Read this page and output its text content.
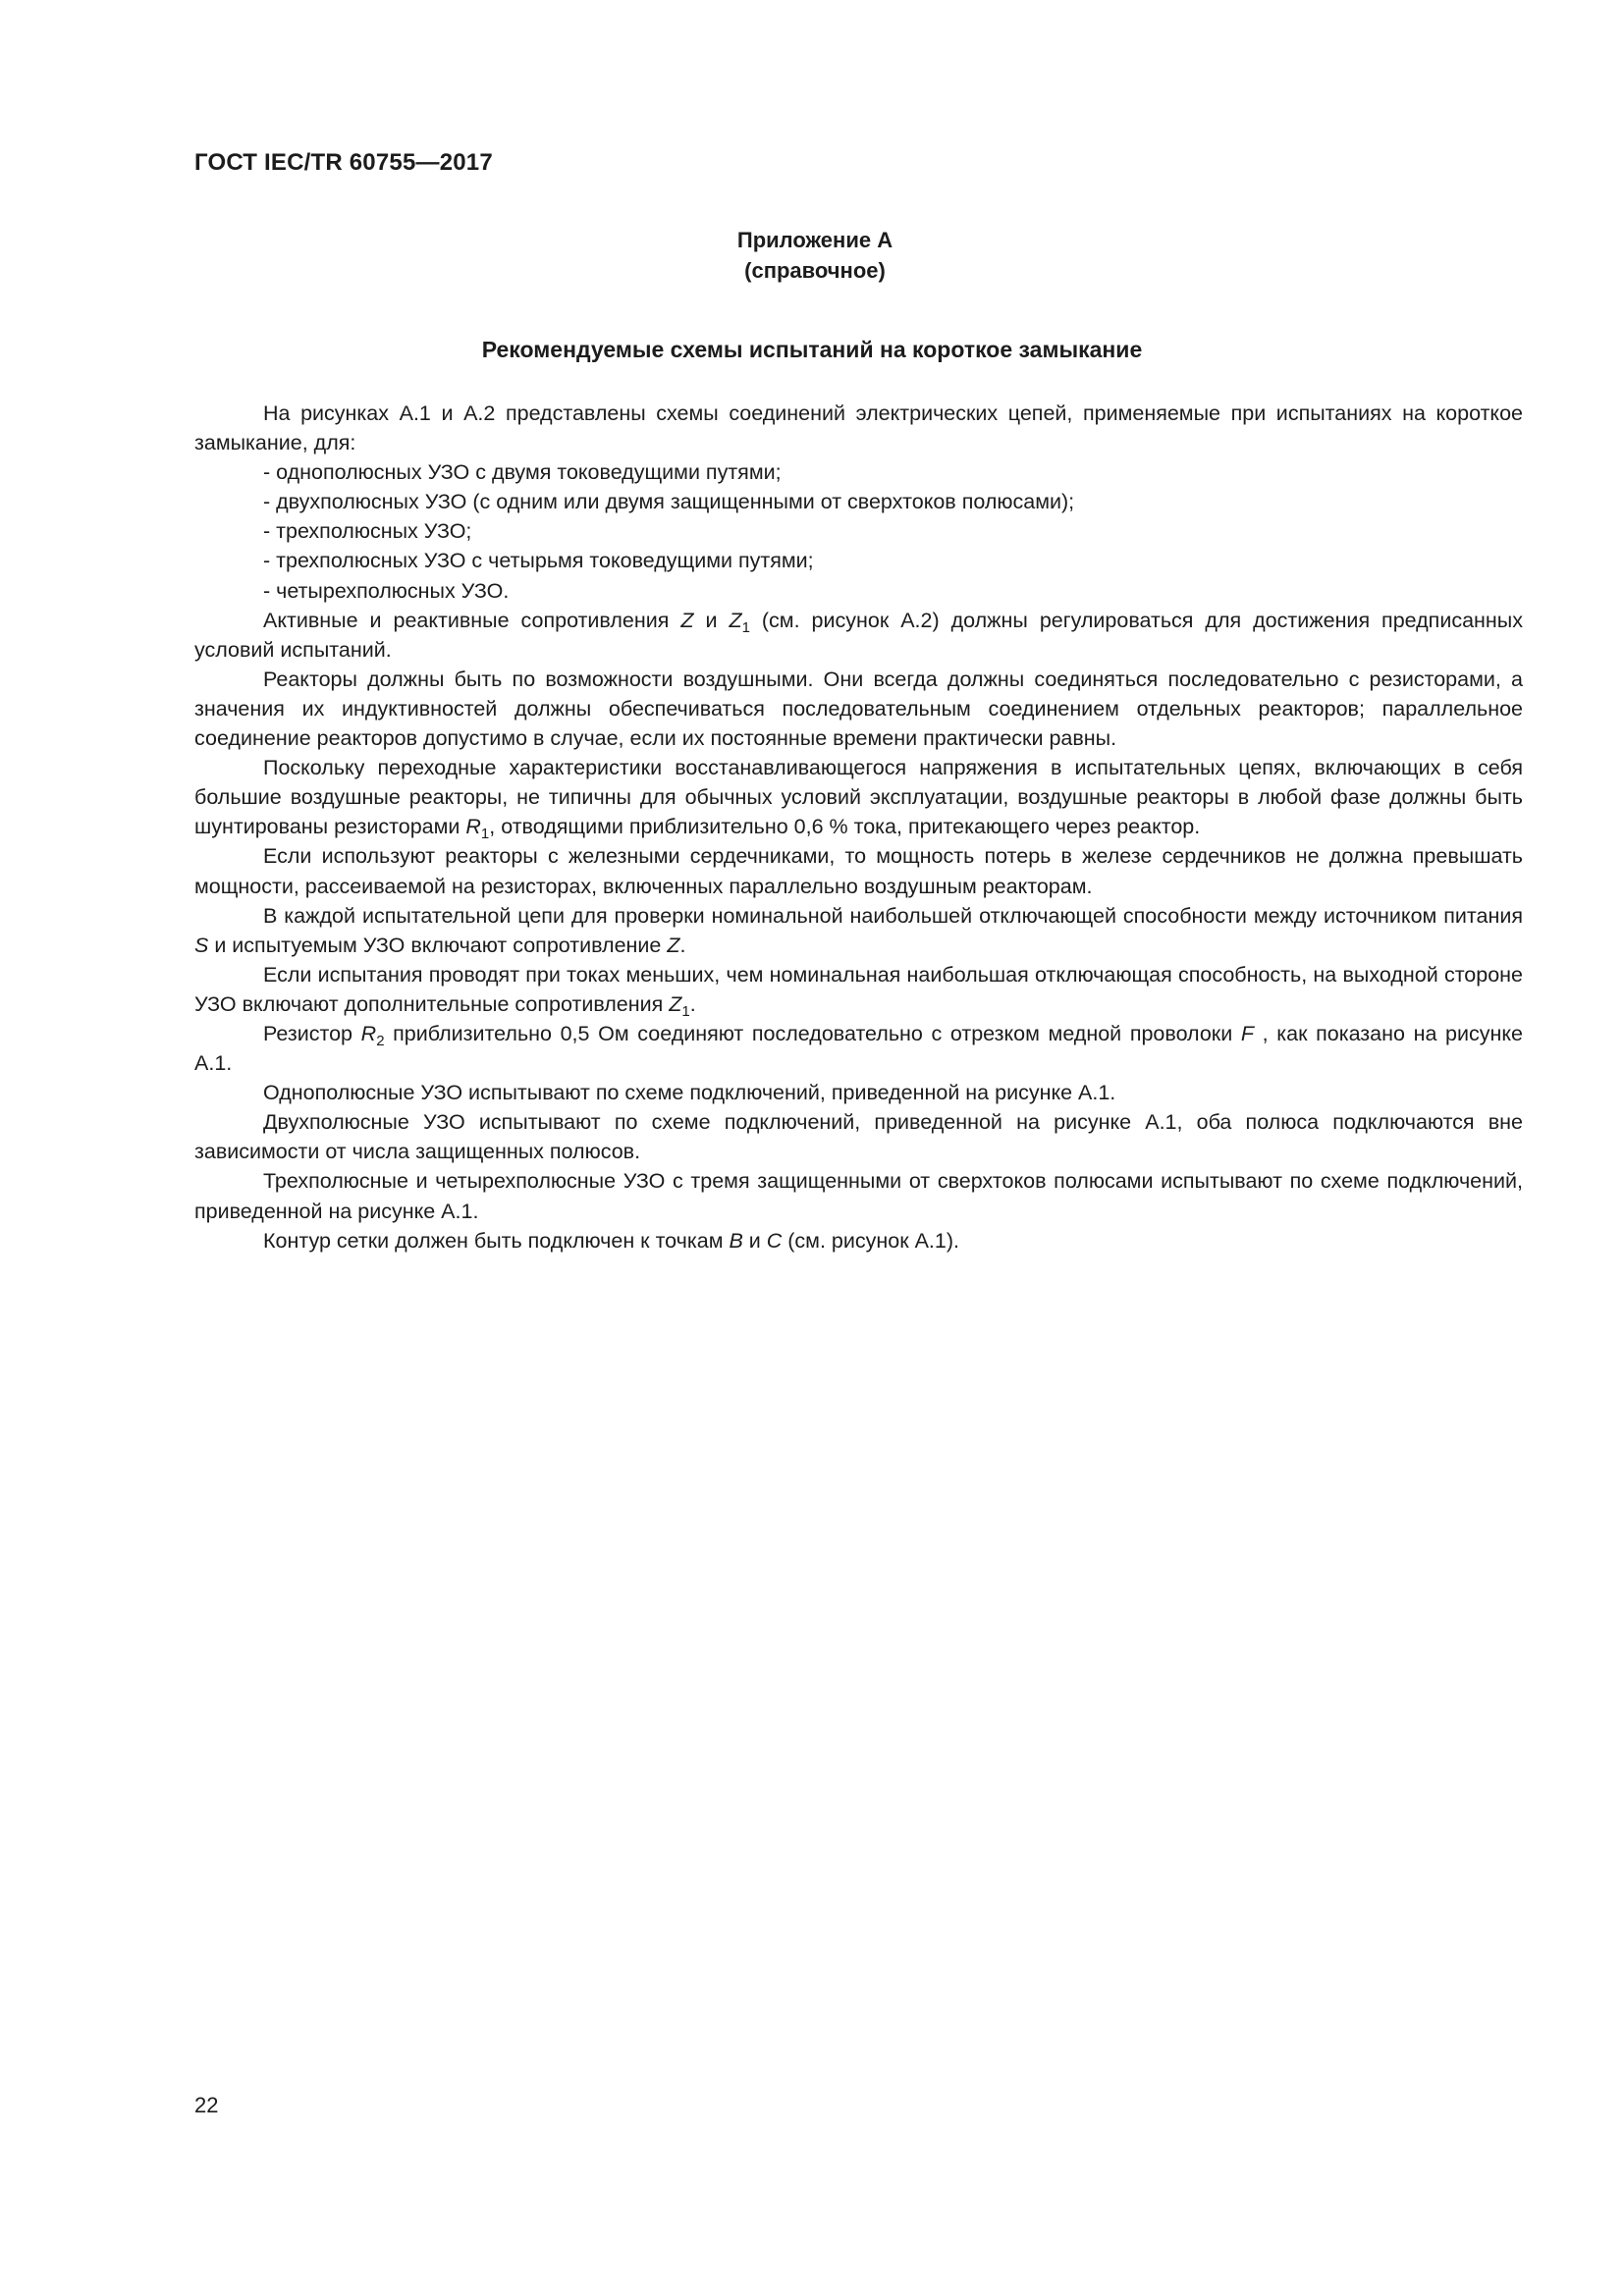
ГОСТ IEC/TR 60755—2017
Приложение А
(справочное)
Рекомендуемые схемы испытаний на короткое замыкание

На рисунках А.1 и А.2 представлены схемы соединений электрических цепей, применяемые при испытаниях на короткое замыкание, для:

- однополюсных УЗО с двумя токоведущими путями;

- двухполюсных УЗО (с одним или двумя защищенными от сверхтоков полюсами);

- трехполюсных УЗО;

- трехполюсных УЗО с четырьмя токоведущими путями;

- четырехполюсных УЗО.

Активные и реактивные сопротивления Z и $Z_1$ (см. рисунок А.2) должны регулироваться для достижения предписанных условий испытаний.

Реакторы должны быть по возможности воздушными. Они всегда должны соединяться последовательно с резисторами, а значения их индуктивностей должны обеспечиваться последовательным соединением отдельных реакторов; параллельное соединение реакторов допустимо в случае, если их постоянные времени практически равны.

Поскольку переходные характеристики восстанавливающегося напряжения в испытательных цепях, включающих в себя большие воздушные реакторы, не типичны для обычных условий эксплуатации, воздушные реакторы в любой фазе должны быть шунтированы резисторами $R_1$, отводящими приблизительно 0,6 % тока, притекающего через реактор.

Если используют реакторы с железными сердечниками, то мощность потерь в железе сердечников не должна превышать мощности, рассеиваемой на резисторах, включенных параллельно воздушным реакторам.

В каждой испытательной цепи для проверки номинальной наибольшей отключающей способности между источником питания S и испытуемым УЗО включают сопротивление Z.

Если испытания проводят при токах меньших, чем номинальная наибольшая отключающая способность, на выходной стороне УЗО включают дополнительные сопротивления $Z_1$.

Резистор $R_2$ приблизительно 0,5 Ом соединяют последовательно с отрезком медной проволоки F , как показано на рисунке А.1.

Однополюсные УЗО испытывают по схеме подключений, приведенной на рисунке А.1.

Двухполюсные УЗО испытывают по схеме подключений, приведенной на рисунке А.1, оба полюса подключаются вне зависимости от числа защищенных полюсов.

Трехполюсные и четырехполюсные УЗО с тремя защищенными от сверхтоков полюсами испытывают по схеме подключений, приведенной на рисунке А.1.

Контур сетки должен быть подключен к точкам B и C (см. рисунок А.1).

22
